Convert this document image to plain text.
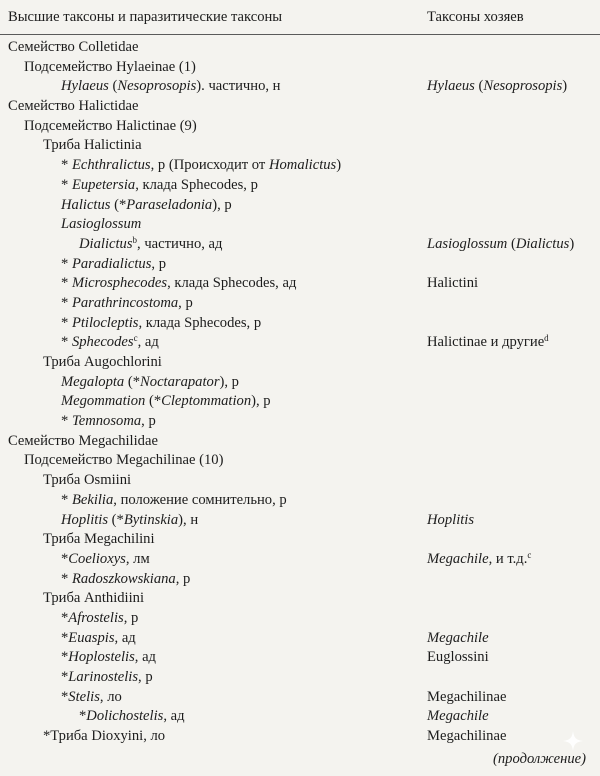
Высшие таксоны и паразитические таксоны	Таксоны хозяев
Семейство Colletidae
Подсемейство Hylaeinae (1)
Hylaeus (Nesoprosopis). частично, н	Hylaeus (Nesoprosopis)
Семейство Halictidae
Подсемейство Halictinae (9)
Триба Halictinia
* Echthralictus, р (Происходит от Homalictus)
* Eupetersia, клада Sphecodes, р
Halictus (*Paraseladonia), р
Lasioglossum
Dialictus$^b$, частично, ад	Lasioglossum (Dialictus)
* Paradialictus, р
* Microsphecodes, клада Sphecodes, ад	Halictini
* Parathrincostoma, р
* Ptilocleptis, клада Sphecodes, р
* Sphecodes$^c$, ад	Halictinae и другие$^d$
Триба Augochlorini
Megalopta (*Noctarapator), р
Megommation (*Cleptommation), р
* Temnosoma, р
Семейство Megachilidae
Подсемейство Megachilinae (10)
Триба Osmiini
* Bekilia, положение сомнительно, р
Hoplitis (*Bytinskia), н	Hoplitis
Триба Megachilini
*Coelioxys, лм	Megachile, и т.д.$^c$
* Radoszkowskiana, р
Триба Anthidiini
*Afrostelis, р
*Euaspis, ад	Megachile
*Hoplostelis, ад	Euglossini
*Larinostelis, р
*Stelis, ло	Megachilinae
*Dolichostelis, ад	Megachile
*Триба Dioxyini, ло	Megachilinae
(продолжение)
